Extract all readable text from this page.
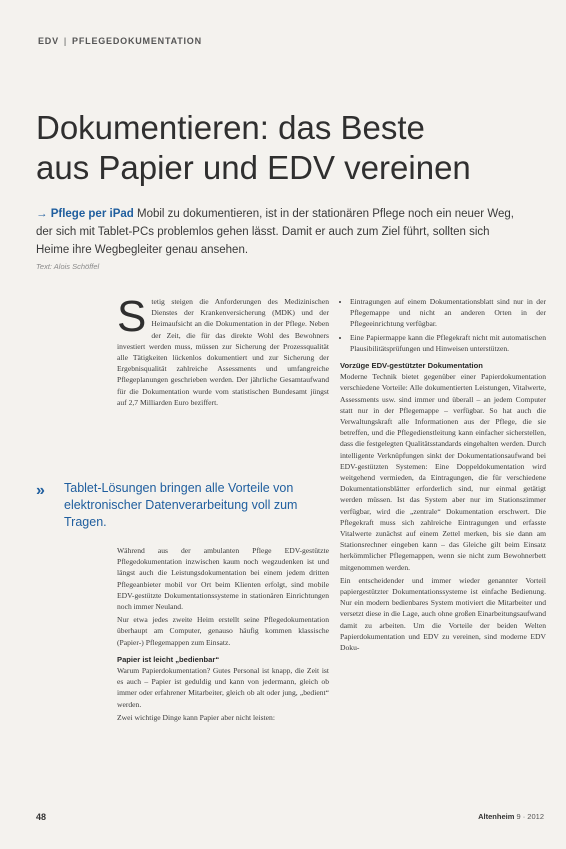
EDV | PFLEGEDOKUMENTATION
Dokumentieren: das Beste
aus Papier und EDV vereinen
→ Pflege per iPad Mobil zu dokumentieren, ist in der stationären Pflege noch ein neuer Weg, der sich mit Tablet-PCs problemlos gehen lässt. Damit er auch zum Ziel führt, sollten sich Heime ihre Wegbegleiter genau ansehen.
Text: Alois Schöffel

Stetig steigen die Anforderungen des Medizinischen Dienstes der Krankenversicherung (MDK) und der Heimaufsicht an die Dokumentation in der Pflege. Neben der Zeit, die für das direkte Wohl des Bewohners investiert werden muss, müssen zur Sicherung der Prozessqualität alle Tätigkeiten lückenlos dokumentiert und zur Sicherung der Ergebnisqualität zahlreiche Assessments und umfangreiche Pflegeplanungen geschrieben werden. Der jährliche Gesamtaufwand für die Dokumentation wurde vom statistischen Bundesamt jüngst auf 2,7 Milliarden Euro beziffert.

» Tablet-Lösungen bringen alle Vorteile von elektronischer Datenverarbeitung voll zum Tragen.

Während aus der ambulanten Pflege EDV-gestützte Pflegedokumentation inzwischen kaum noch wegzudenken ist und längst auch die Leistungsdokumentation bei einem jedem dritten Pflegeanbieter mobil vor Ort beim Klienten erfolgt, sind mobile EDV-gestützte Dokumentationssysteme in stationären Einrichtungen noch immer Neuland.

Nur etwa jedes zweite Heim erstellt seine Pflegedokumentation überhaupt am Computer, genauso häufig kommen klassische (Papier-) Pflegemappen zum Einsatz.

Papier ist leicht „bedienbar“

Warum Papierdokumentation? Gutes Personal ist knapp, die Zeit ist es auch – Papier ist geduldig und kann von jedermann, gleich ob immer oder erfahrener Mitarbeiter, gleich ob alt oder jung, „bedient“ werden.

Zwei wichtige Dinge kann Papier aber nicht leisten:

• Eintragungen auf einem Dokumentationsblatt sind nur in der Pflegemappe und nicht an anderen Orten in der Pflegeeinrichtung verfügbar.
• Eine Papiermappe kann die Pflegekraft nicht mit automatischen Plausibilitätsprüfungen und Hinweisen unterstützen.
Vorzüge EDV-gestützter Dokumentation

Moderne Technik bietet gegenüber einer Papierdokumentation verschiedene Vorteile: Alle dokumentierten Leistungen, Vitalwerte, Assessments usw. sind immer und überall – an jedem Computer statt nur in der Pflegemappe – verfügbar. So hat auch die Verwaltungskraft alle Informationen aus der Pflege, die sie betreffen, und die Pflegedienstleitung kann einfacher sicherstellen, dass die festgelegten Qualitätsstandards eingehalten werden. Durch intelligente Verknüpfungen sinkt der Dokumentationsaufwand bei EDV-gestützten Systemen: Eine Doppeldokumentation wird weitgehend vermieden, da Eintragungen, die für verschiedene Dokumentationsblätter erforderlich sind, nur einmal getätigt werden müssen. Ist das System aber nur im Stationszimmer verfügbar, wird die „zentrale“ Dokumentation erschwert. Die Pflegekraft muss sich zahlreiche Eintragungen und erfasste Vitalwerte zunächst auf einem Zettel merken, bis sie dann am Stationsrechner eingeben kann – das Gleiche gilt beim Einsatz herkömmlicher Pflegemappen, wenn sie nicht zum Bewohnerbett mitgenommen werden.

Ein entscheidender und immer wieder genannter Vorteil papiergestützter Dokumentationssysteme ist einfache Bedienung. Nur ein modern bedienbares System motiviert die Mitarbeiter und versetzt diese in die Lage, auch ohne großen Einarbeitungsaufwand damit zu arbeiten. Um die Vorteile der beiden Welten Papierdokumentation und EDV zu vereinen, sind moderne EDV Doku-

48	Altenheim 9 · 2012
